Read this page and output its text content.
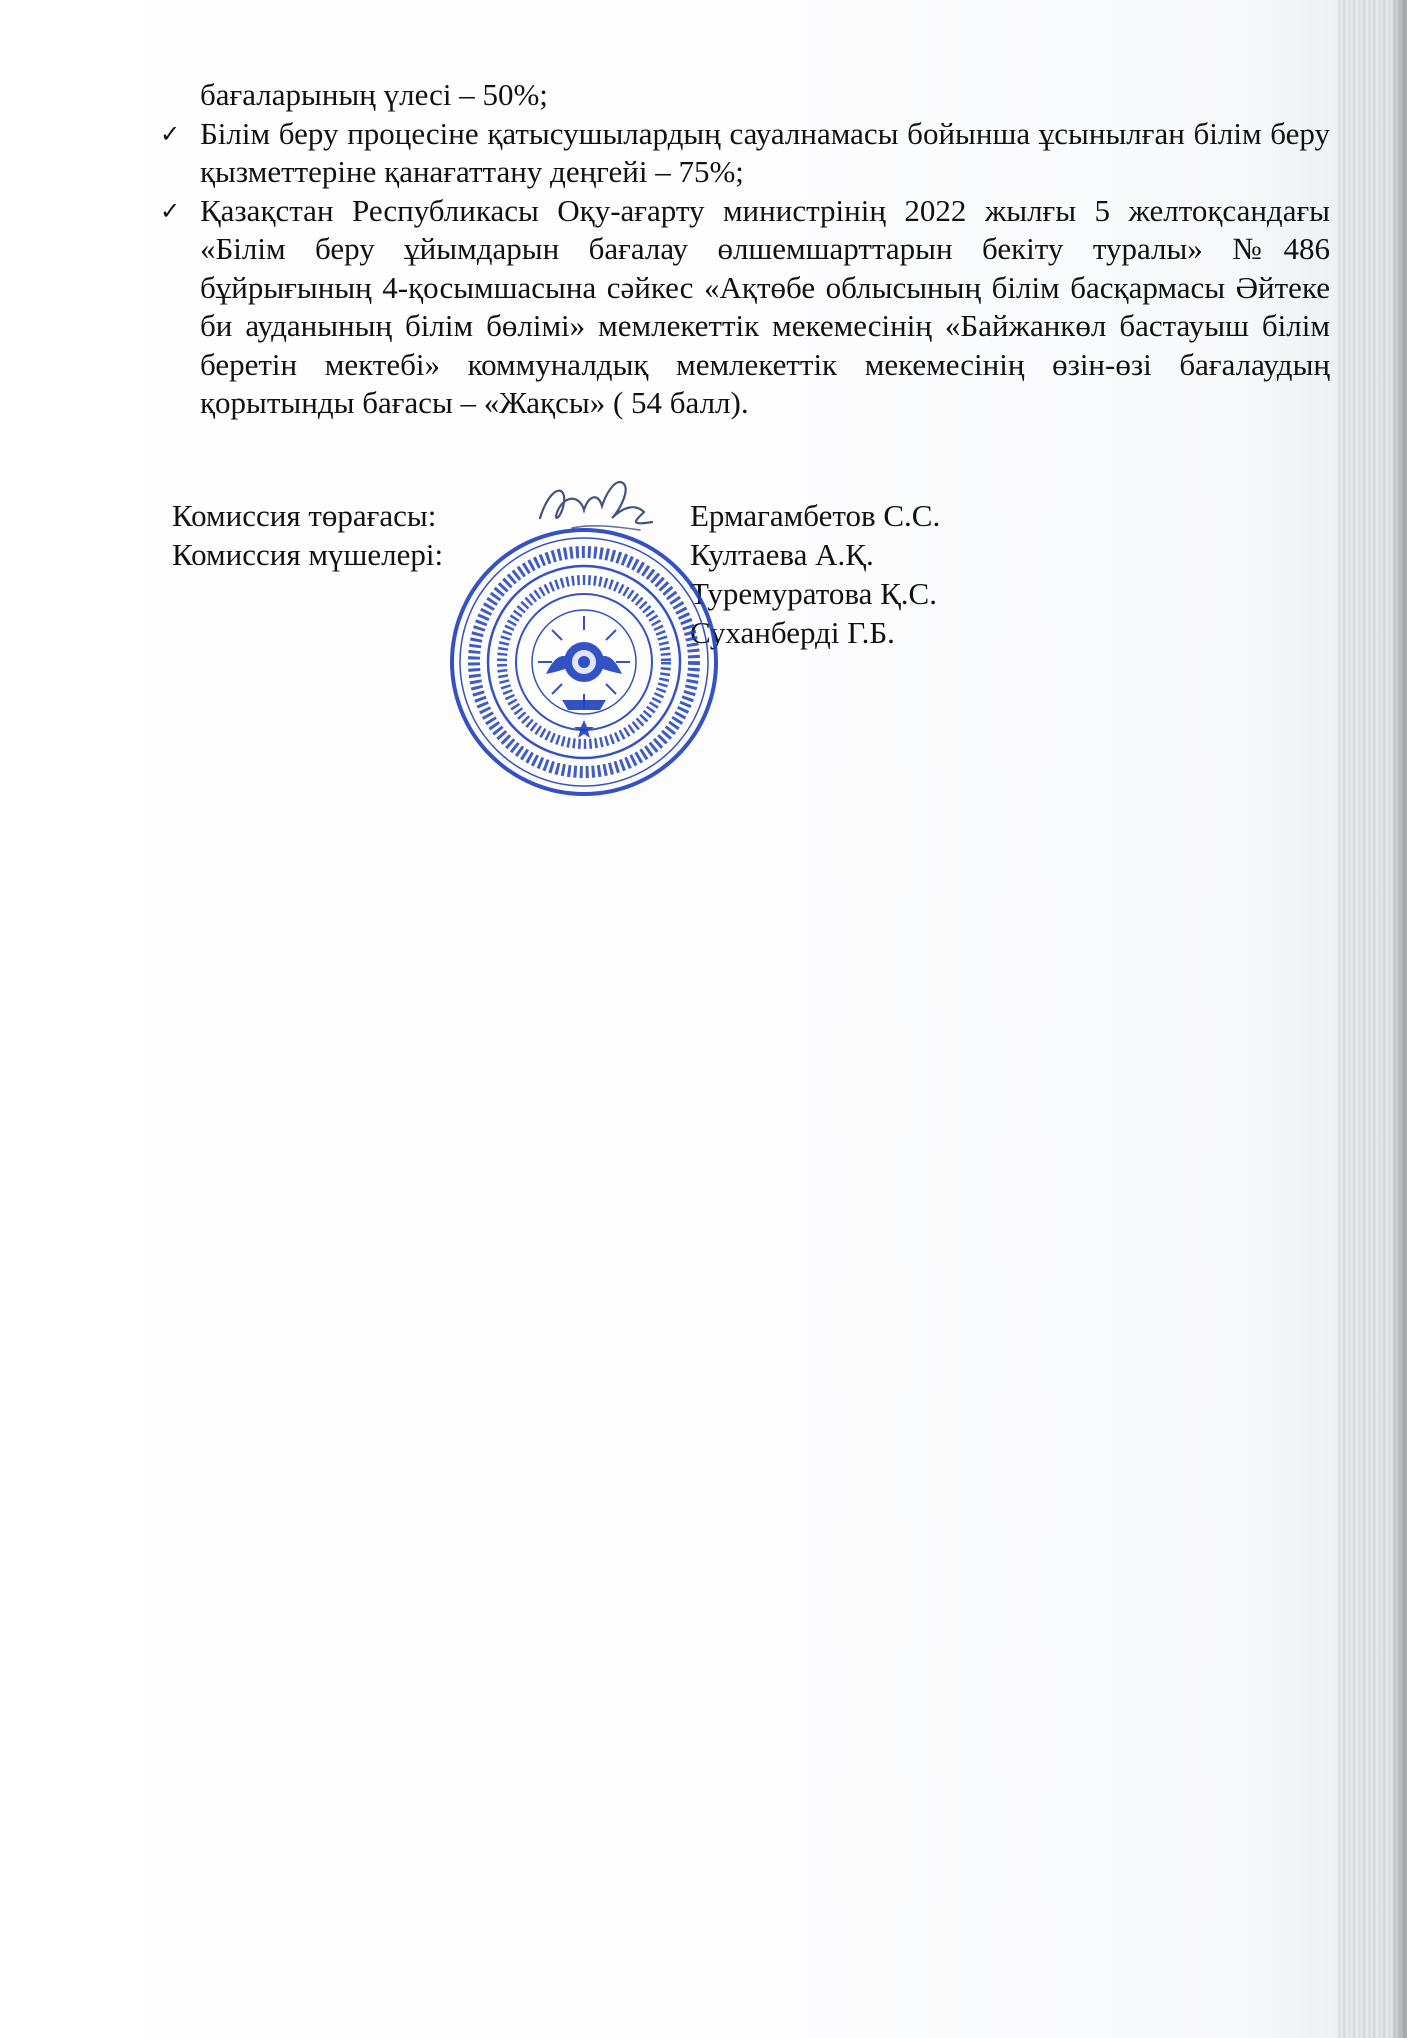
бағаларының үлесі – 50%;

✓ Білім беру процесіне қатысушылардың сауалнамасы бойынша ұсынылған білім беру қызметтеріне қанағаттану деңгейі – 75%;
✓ Қазақстан Республикасы Оқу-ағарту министрінің 2022 жылғы 5 желтоқсандағы «Білім беру ұйымдарын бағалау өлшемшарттарын бекіту туралы» №486 бұйрығының 4-қосымшасына сәйкес «Ақтөбе облысының білім басқармасы Әйтеке би ауданының білім бөлімі» мемлекеттік мекемесінің «Байжанкөл бастауыш білім беретін мектебі» коммуналдық мемлекеттік мекемесінің өзін-өзі бағалаудың қорытынды бағасы – «Жақсы» ( 54 балл).
Комиссия төрағасы:	Ермагамбетов С.С.
Комиссия мүшелері:	Култаева А.Қ.
Туремуратова Қ.С.
Суханберді Г.Б.
